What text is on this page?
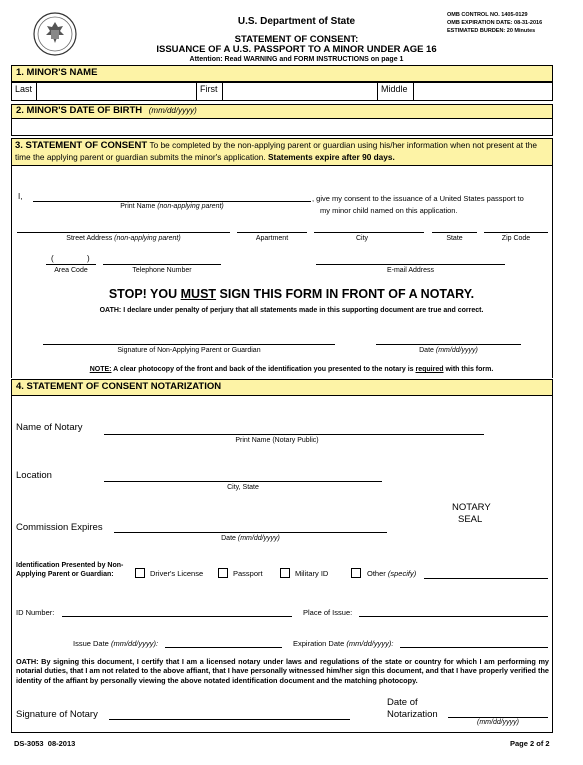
U.S. Department of State
STATEMENT OF CONSENT:
ISSUANCE OF A U.S. PASSPORT TO A MINOR UNDER AGE 16
Attention: Read WARNING and FORM INSTRUCTIONS on page 1
OMB CONTROL NO. 1405-0129
OMB EXPIRATION DATE: 08-31-2016
ESTIMATED BURDEN: 20 Minutes
1. MINOR'S NAME
Last	First	Middle
2. MINOR'S DATE OF BIRTH (mm/dd/yyyy)
3. STATEMENT OF CONSENT To be completed by the non-applying parent or guardian using his/her information when not present at the time the applying parent or guardian submits the minor's application. Statements expire after 90 days.
I,
Print Name (non-applying parent)
, give my consent to the issuance of a United States passport to
my minor child named on this application.
Street Address (non-applying parent)	Apartment	City	State	Zip Code
(	)
Area Code	Telephone Number	E-mail Address
STOP! YOU MUST SIGN THIS FORM IN FRONT OF A NOTARY.
OATH: I declare under penalty of perjury that all statements made in this supporting document are true and correct.
Signature of Non-Applying Parent or Guardian	Date (mm/dd/yyyy)
NOTE: A clear photocopy of the front and back of the identification you presented to the notary is required with this form.
4. STATEMENT OF CONSENT NOTARIZATION
Name of Notary
Print Name (Notary Public)
Location
City, State
NOTARY
SEAL
Commission Expires
Date (mm/dd/yyyy)
Identification Presented by Non-Applying Parent or Guardian:	Driver's License	Passport	Military ID	Other (specify)
ID Number:	Place of Issue:
Issue Date (mm/dd/yyyy):	Expiration Date (mm/dd/yyyy):
OATH: By signing this document, I certify that I am a licensed notary under laws and regulations of the state or country for which I am performing my notarial duties, that I am not related to the above affiant, that I have personally witnessed him/her sign this document, and that I have properly verified the identity of the affiant by personally viewing the above notated identification document and the matching photocopy.
Signature of Notary
Date of
Notarization
(mm/dd/yyyy)
DS-3053 08-2013	Page 2 of 2
